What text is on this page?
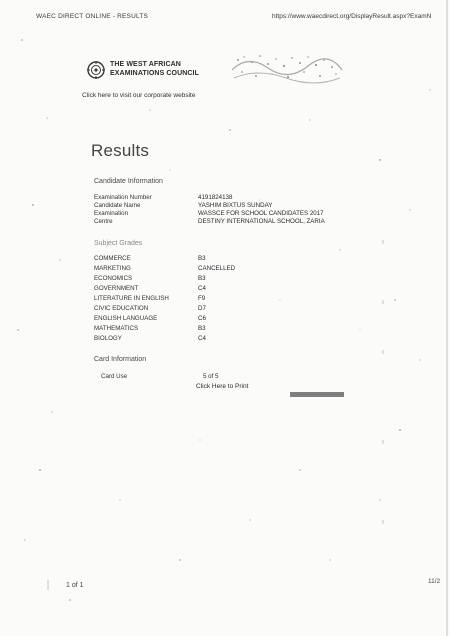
WAEC DIRECT ONLINE - RESULTS	https://www.waecdirect.org/DisplayResult.aspx?ExamN
THE WEST AFRICAN
EXAMINATIONS COUNCIL
Click here to visit our corporate website
Results
Candidate Information
Examination Number	4191824138
Candidate Name	YASHIM BIXTUS SUNDAY
Examination	WASSCE FOR SCHOOL CANDIDATES 2017
Centre	DESTINY INTERNATIONAL SCHOOL, ZARIA
Subject Grades
COMMERCE	B3
MARKETING	CANCELLED
ECONOMICS	B3
GOVERNMENT	C4
LITERATURE IN ENGLISH	F9
CIVIC EDUCATION	D7
ENGLISH LANGUAGE	C6
MATHEMATICS	B3
BIOLOGY	C4
Card Information
Card Use	5 of 5
Click Here to Print
1 of 1
11/2
